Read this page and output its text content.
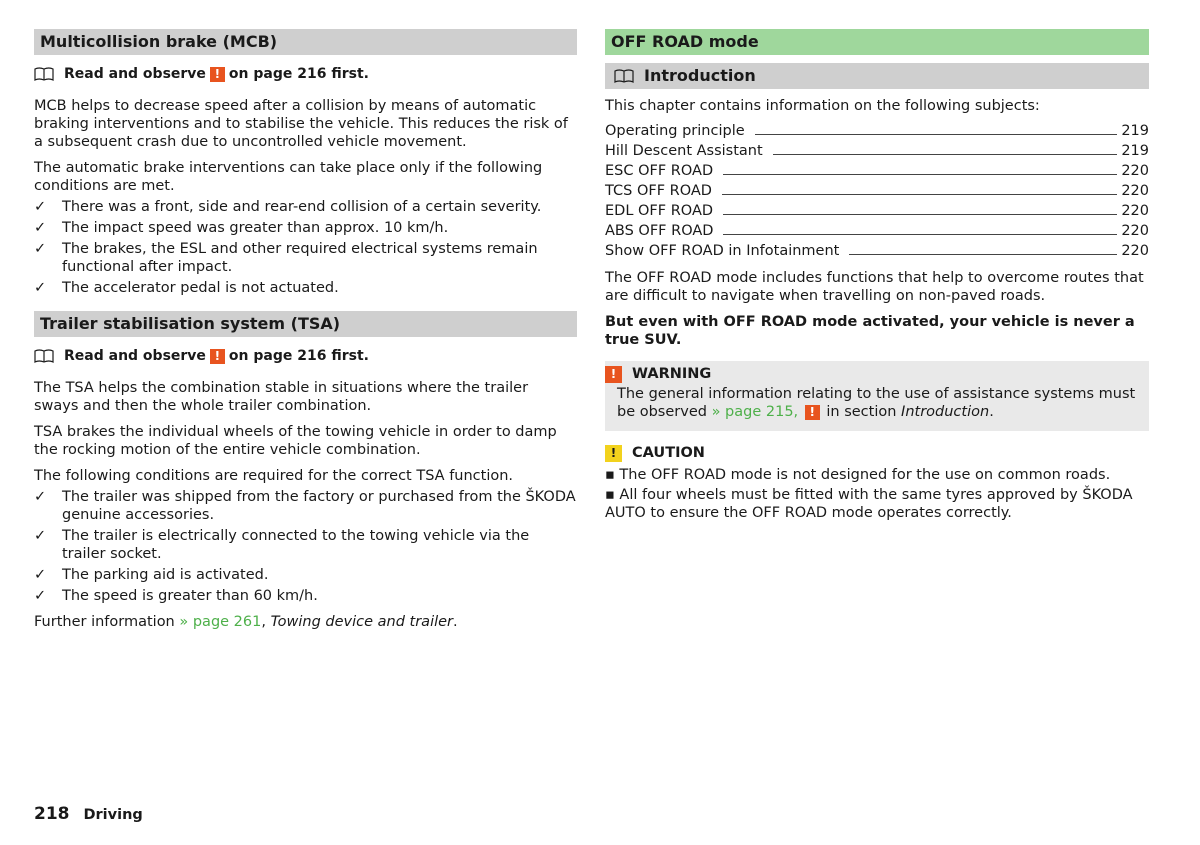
Multicollision brake (MCB)
Read and observe ! on page 216 first.

MCB helps to decrease speed after a collision by means of automatic braking interventions and to stabilise the vehicle. This reduces the risk of a subsequent crash due to uncontrolled vehicle movement.

The automatic brake interventions can take place only if the following conditions are met.

✓	There was a front, side and rear-end collision of a certain severity.
✓	The impact speed was greater than approx. 10 km/h.
✓	The brakes, the ESL and other required electrical systems remain functional after impact.
✓	The accelerator pedal is not actuated.
Trailer stabilisation system (TSA)
Read and observe ! on page 216 first.

The TSA helps the combination stable in situations where the trailer sways and then the whole trailer combination.

TSA brakes the individual wheels of the towing vehicle in order to damp the rocking motion of the entire vehicle combination.

The following conditions are required for the correct TSA function.

✓	The trailer was shipped from the factory or purchased from the ŠKODA genuine accessories.
✓	The trailer is electrically connected to the towing vehicle via the trailer socket.
✓	The parking aid is activated.
✓	The speed is greater than 60 km/h.

Further information » page 261, Towing device and trailer.

OFF ROAD mode
Introduction

This chapter contains information on the following subjects:

Operating principle	219
Hill Descent Assistant	219
ESC OFF ROAD	220
TCS OFF ROAD	220
EDL OFF ROAD	220
ABS OFF ROAD	220
Show OFF ROAD in Infotainment	220

The OFF ROAD mode includes functions that help to overcome routes that are difficult to navigate when travelling on non-paved roads.

But even with OFF ROAD mode activated, your vehicle is never a true SUV.

!	WARNING

The general information relating to the use of assistance systems must be observed » page 215, ! in section Introduction.

!	CAUTION
▪ The OFF ROAD mode is not designed for the use on common roads.
▪ All four wheels must be fitted with the same tyres approved by ŠKODA AUTO to ensure the OFF ROAD mode operates correctly.
218 Driving
